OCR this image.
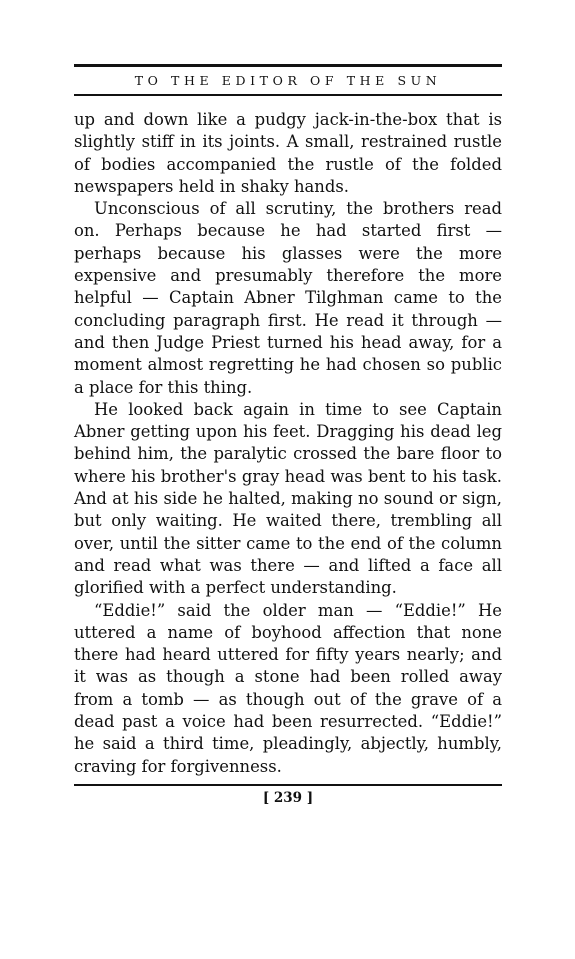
TO THE EDITOR OF THE SUN

up and down like a pudgy jack-in-the-box that is slightly stiff in its joints. A small, restrained rustle of bodies accompanied the rustle of the folded newspapers held in shaky hands.

Unconscious of all scrutiny, the brothers read on. Perhaps because he had started first — perhaps because his glasses were the more expensive and presumably therefore the more helpful — Captain Abner Tilghman came to the concluding paragraph first. He read it through — and then Judge Priest turned his head away, for a moment almost regretting he had chosen so public a place for this thing.

He looked back again in time to see Captain Abner getting upon his feet. Dragging his dead leg behind him, the paralytic crossed the bare floor to where his brother's gray head was bent to his task. And at his side he halted, making no sound or sign, but only waiting. He waited there, trembling all over, until the sitter came to the end of the column and read what was there — and lifted a face all glorified with a perfect understanding.

“Eddie!” said the older man — “Eddie!” He uttered a name of boyhood affection that none there had heard uttered for fifty years nearly; and it was as though a stone had been rolled away from a tomb — as though out of the grave of a dead past a voice had been resurrected. “Eddie!” he said a third time, pleadingly, abjectly, humbly, craving for forgivenness.

[ 239 ]
